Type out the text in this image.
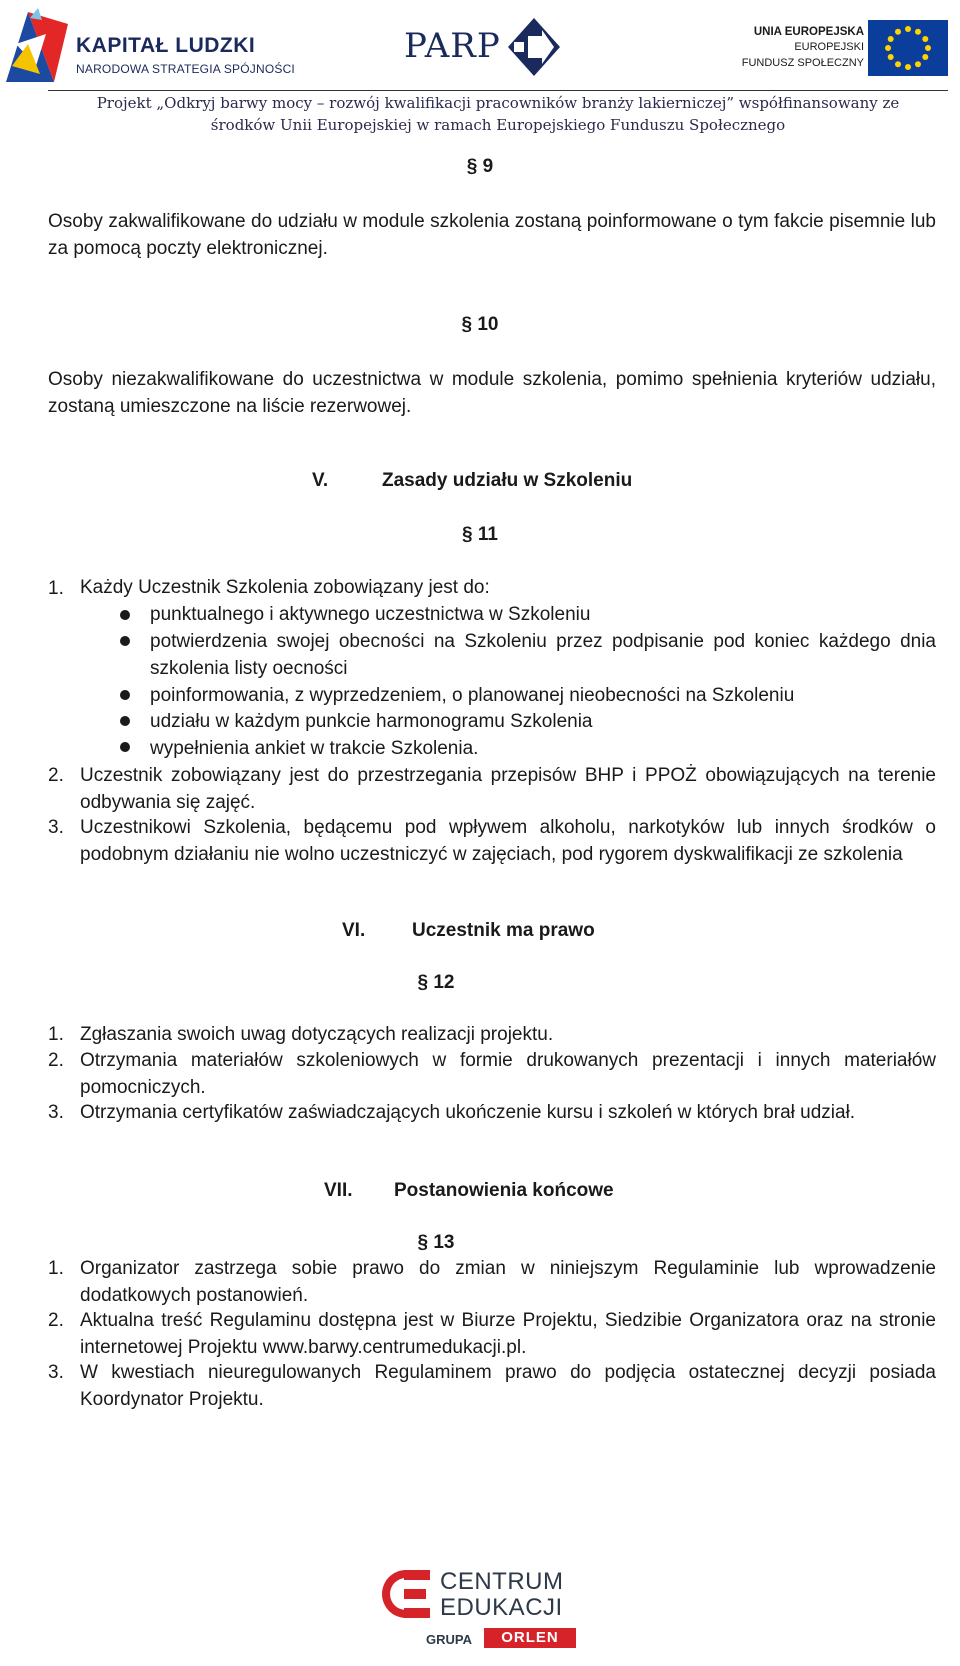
KAPITAŁ LUDZKI
NARODOWA STRATEGIA SPÓJNOŚCI
PARP	UNIA EUROPEJSKA
EUROPEJSKI
FUNDUSZ SPOŁECZNY
Projekt „Odkryj barwy mocy – rozwój kwalifikacji pracowników branży lakierniczej” współfinansowany ze
środków Unii Europejskiej w ramach Europejskiego Funduszu Społecznego
§ 9
Osoby zakwalifikowane do udziału w module szkolenia zostaną poinformowane o tym fakcie pisemnie lub za pomocą poczty elektronicznej.
§ 10
Osoby niezakwalifikowane do uczestnictwa w module szkolenia, pomimo spełnienia kryteriów udziału, zostaną umieszczone na liście rezerwowej.
V.	Zasady udziału w Szkoleniu
§ 11
1. Każdy Uczestnik Szkolenia zobowiązany jest do:
punktualnego i aktywnego uczestnictwa w Szkoleniu
potwierdzenia swojej obecności na Szkoleniu przez podpisanie pod koniec każdego dnia szkolenia listy oecności
poinformowania, z wyprzedzeniem, o planowanej nieobecności na Szkoleniu
udziału w każdym punkcie harmonogramu Szkolenia
wypełnienia ankiet w trakcie Szkolenia.
2. Uczestnik zobowiązany jest do przestrzegania przepisów BHP i PPOŻ obowiązujących na terenie odbywania się zajęć.
3. Uczestnikowi Szkolenia, będącemu pod wpływem alkoholu, narkotyków lub innych środków o podobnym działaniu nie wolno uczestniczyć w zajęciach, pod rygorem dyskwalifikacji ze szkolenia
VI. Uczestnik ma prawo
§ 12
1. Zgłaszania swoich uwag dotyczących realizacji projektu.
2. Otrzymania materiałów szkoleniowych w formie drukowanych prezentacji i innych materiałów pomocniczych.
3. Otrzymania certyfikatów zaświadczających ukończenie kursu i szkoleń w których brał udział.
VII. Postanowienia końcowe
§ 13
1. Organizator zastrzega sobie prawo do zmian w niniejszym Regulaminie lub wprowadzenie dodatkowych postanowień.
2. Aktualna treść Regulaminu dostępna jest w Biurze Projektu, Siedzibie Organizatora oraz na stronie internetowej Projektu www.barwy.centrumedukacji.pl.
3. W kwestiach nieuregulowanych Regulaminem prawo do podjęcia ostatecznej decyzji posiada Koordynator Projektu.
CENTRUM
EDUKACJI
GRUPA	ORLEN
